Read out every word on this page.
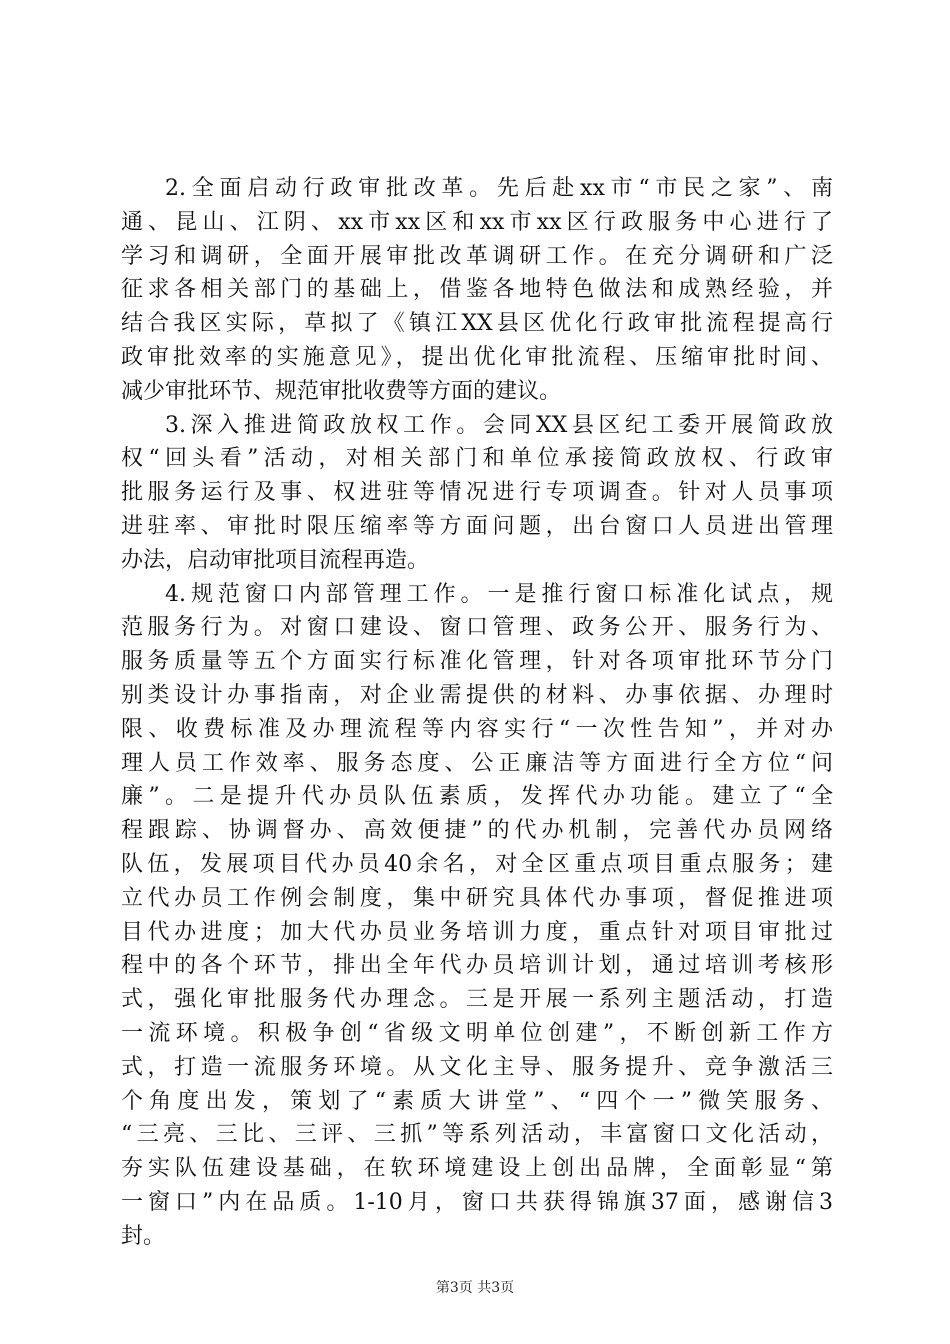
2.全面启动行政审批改革。先后赴xx市“市民之家”、南
通、昆山、江阴、xx市xx区和xx市xx区行政服务中心进行了
学习和调研，全面开展审批改革调研工作。在充分调研和广泛
征求各相关部门的基础上，借鉴各地特色做法和成熟经验，并
结合我区实际，草拟了《镇江XX县区优化行政审批流程提高行
政审批效率的实施意见》，提出优化审批流程、压缩审批时间、
减少审批环节、规范审批收费等方面的建议。
3.深入推进简政放权工作。会同XX县区纪工委开展简政放
权“回头看”活动，对相关部门和单位承接简政放权、行政审
批服务运行及事、权进驻等情况进行专项调查。针对人员事项
进驻率、审批时限压缩率等方面问题，出台窗口人员进出管理
办法，启动审批项目流程再造。
4.规范窗口内部管理工作。一是推行窗口标准化试点，规
范服务行为。对窗口建设、窗口管理、政务公开、服务行为、
服务质量等五个方面实行标准化管理，针对各项审批环节分门
别类设计办事指南，对企业需提供的材料、办事依据、办理时
限、收费标准及办理流程等内容实行“一次性告知”，并对办
理人员工作效率、服务态度、公正廉洁等方面进行全方位“问
廉”。二是提升代办员队伍素质，发挥代办功能。建立了“全
程跟踪、协调督办、高效便捷”的代办机制，完善代办员网络
队伍，发展项目代办员40余名，对全区重点项目重点服务；建
立代办员工作例会制度，集中研究具体代办事项，督促推进项
目代办进度；加大代办员业务培训力度，重点针对项目审批过
程中的各个环节，排出全年代办员培训计划，通过培训考核形
式，强化审批服务代办理念。三是开展一系列主题活动，打造
一流环境。积极争创“省级文明单位创建”，不断创新工作方
式，打造一流服务环境。从文化主导、服务提升、竞争激活三
个角度出发，策划了“素质大讲堂”、“四个一”微笑服务、
“三亮、三比、三评、三抓”等系列活动，丰富窗口文化活动，
夯实队伍建设基础，在软环境建设上创出品牌，全面彰显“第
一窗口”内在品质。1-10月，窗口共获得锦旗37面，感谢信3
封。
第3页 共3页
